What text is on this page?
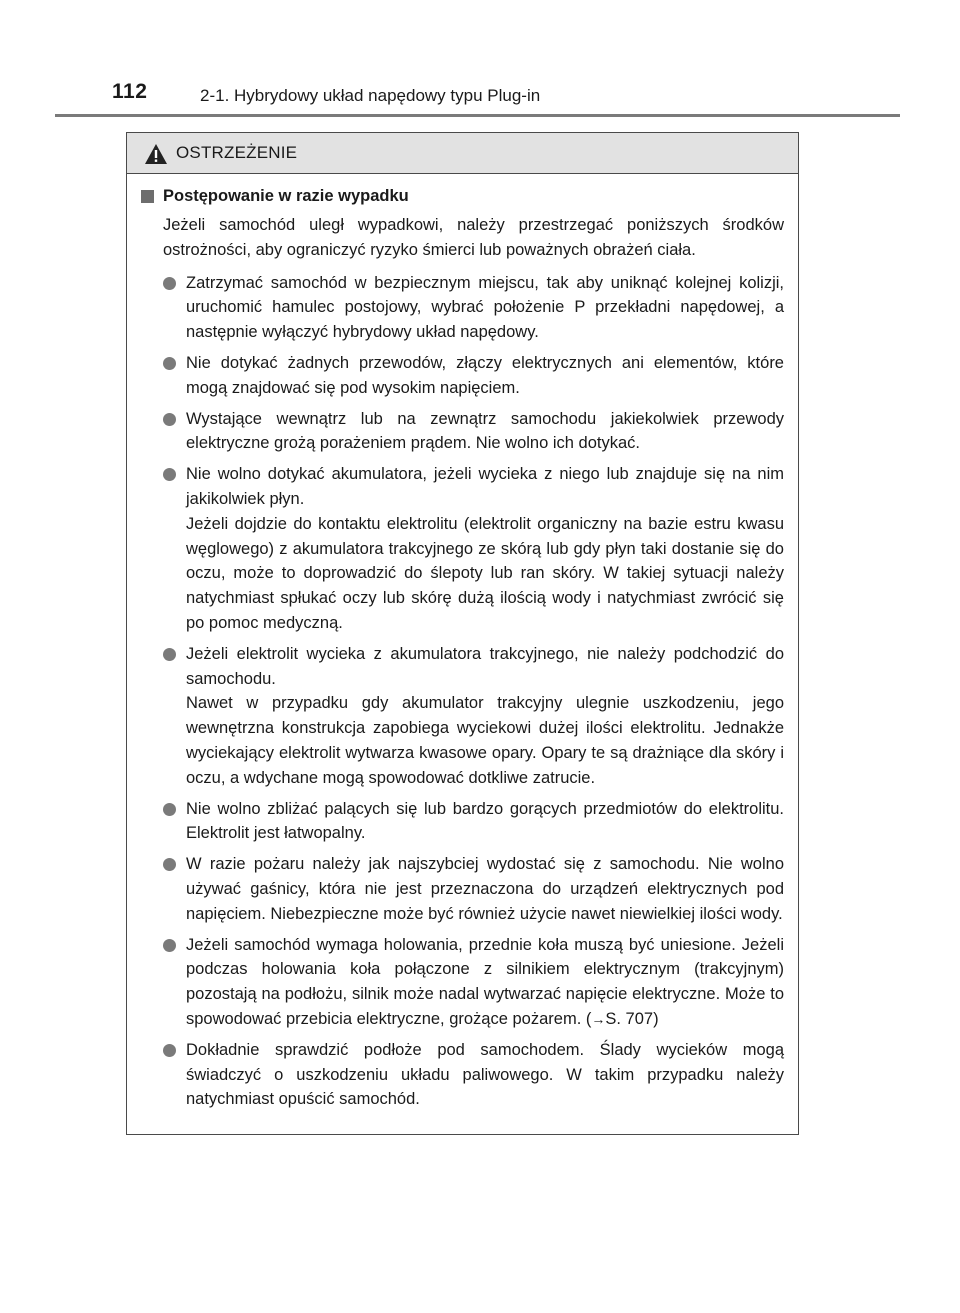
112	2-1. Hybrydowy układ napędowy typu Plug-in
OSTRZEŻENIE
Postępowanie w razie wypadku
Jeżeli samochód uległ wypadkowi, należy przestrzegać poniższych środków ostrożności, aby ograniczyć ryzyko śmierci lub poważnych obrażeń ciała.

Zatrzymać samochód w bezpiecznym miejscu, tak aby uniknąć kolejnej kolizji, uruchomić hamulec postojowy, wybrać położenie P przekładni napędowej, a następnie wyłączyć hybrydowy układ napędowy.

Nie dotykać żadnych przewodów, złączy elektrycznych ani elementów, które mogą znajdować się pod wysokim napięciem.

Wystające wewnątrz lub na zewnątrz samochodu jakiekolwiek przewody elektryczne grożą porażeniem prądem. Nie wolno ich dotykać.

Nie wolno dotykać akumulatora, jeżeli wycieka z niego lub znajduje się na nim jakikolwiek płyn.

Jeżeli dojdzie do kontaktu elektrolitu (elektrolit organiczny na bazie estru kwasu węglowego) z akumulatora trakcyjnego ze skórą lub gdy płyn taki dostanie się do oczu, może to doprowadzić do ślepoty lub ran skóry. W takiej sytuacji należy natychmiast spłukać oczy lub skórę dużą ilością wody i natychmiast zwrócić się po pomoc medyczną.

Jeżeli elektrolit wycieka z akumulatora trakcyjnego, nie należy podchodzić do samochodu.

Nawet w przypadku gdy akumulator trakcyjny ulegnie uszkodzeniu, jego wewnętrzna konstrukcja zapobiega wyciekowi dużej ilości elektrolitu. Jednakże wyciekający elektrolit wytwarza kwasowe opary. Opary te są drażniące dla skóry i oczu, a wdychane mogą spowodować dotkliwe zatrucie.

Nie wolno zbliżać palących się lub bardzo gorących przedmiotów do elektrolitu. Elektrolit jest łatwopalny.

W razie pożaru należy jak najszybciej wydostać się z samochodu. Nie wolno używać gaśnicy, która nie jest przeznaczona do urządzeń elektrycznych pod napięciem. Niebezpieczne może być również użycie nawet niewielkiej ilości wody.

Jeżeli samochód wymaga holowania, przednie koła muszą być uniesione. Jeżeli podczas holowania koła połączone z silnikiem elektrycznym (trakcyjnym) pozostają na podłożu, silnik może nadal wytwarzać napięcie elektryczne. Może to spowodować przebicia elektryczne, grożące pożarem. (→S. 707)

Dokładnie sprawdzić podłoże pod samochodem. Ślady wycieków mogą świadczyć o uszkodzeniu układu paliwowego. W takim przypadku należy natychmiast opuścić samochód.
